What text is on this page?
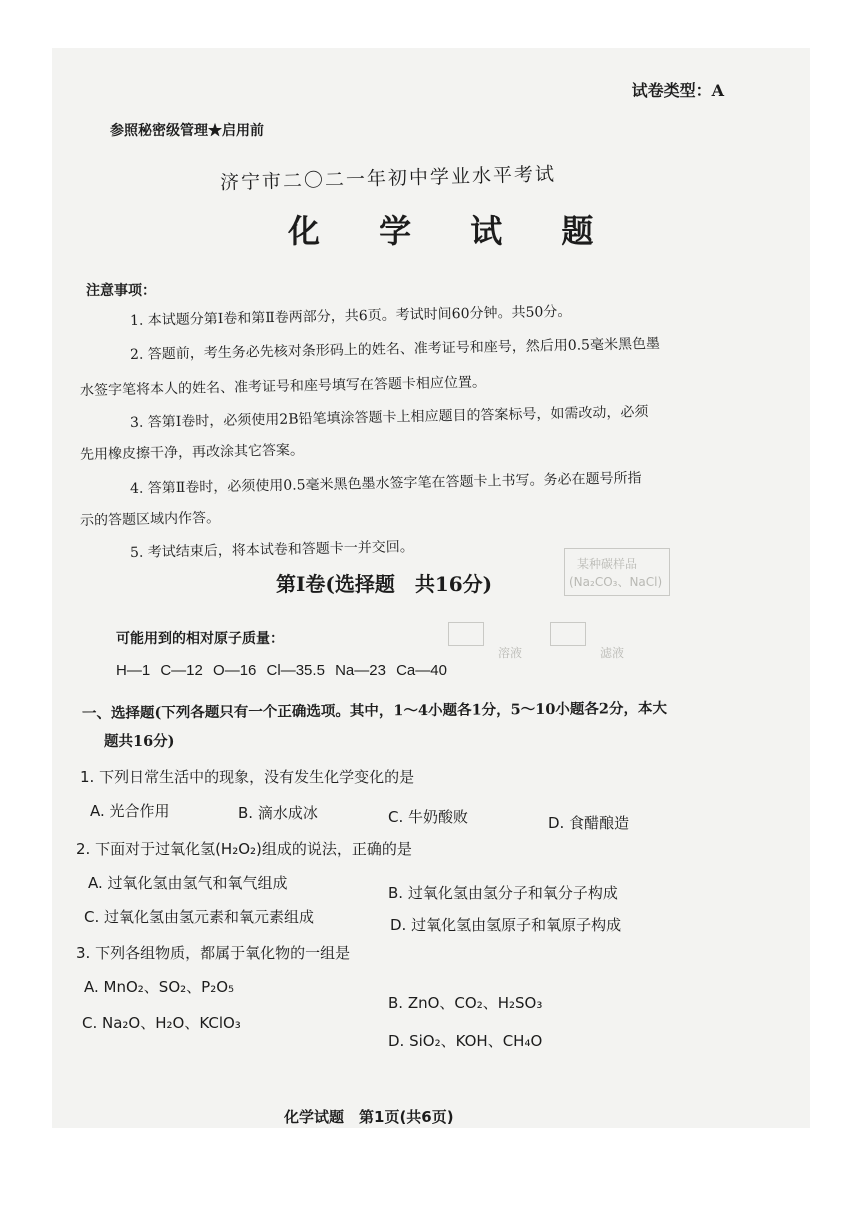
某种碳样品
(Na₂CO₃、NaCl)
溶液	滤液
试卷类型：A
参照秘密级管理★启用前
济宁市二〇二一年初中学业水平考试
化 学 试 题
注意事项：
1. 本试题分第Ⅰ卷和第Ⅱ卷两部分，共6页。考试时间60分钟。共50分。
2. 答题前，考生务必先核对条形码上的姓名、准考证号和座号，然后用0.5毫米黑色墨
水签字笔将本人的姓名、准考证号和座号填写在答题卡相应位置。
3. 答第Ⅰ卷时，必须使用2B铅笔填涂答题卡上相应题目的答案标号，如需改动，必须
先用橡皮擦干净，再改涂其它答案。
4. 答第Ⅱ卷时，必须使用0.5毫米黑色墨水签字笔在答题卡上书写。务必在题号所指
示的答题区域内作答。
5. 考试结束后，将本试卷和答题卡一并交回。
第Ⅰ卷(选择题　共16分)
可能用到的相对原子质量：
H—1 C—12 O—16 Cl—35.5 Na—23 Ca—40
一、选择题(下列各题只有一个正确选项。其中，1～4小题各1分，5～10小题各2分，本大
题共16分)
1. 下列日常生活中的现象，没有发生化学变化的是
A. 光合作用	B. 滴水成冰	C. 牛奶酸败	D. 食醋酿造
2. 下面对于过氧化氢(H₂O₂)组成的说法，正确的是
A. 过氧化氢由氢气和氧气组成
B. 过氧化氢由氢分子和氧分子构成
C. 过氧化氢由氢元素和氧元素组成	D. 过氧化氢由氢原子和氧原子构成
3. 下列各组物质，都属于氧化物的一组是
A. MnO₂、SO₂、P₂O₅
B. ZnO、CO₂、H₂SO₃
C. Na₂O、H₂O、KClO₃
D. SiO₂、KOH、CH₄O
化学试题　第1页(共6页)
